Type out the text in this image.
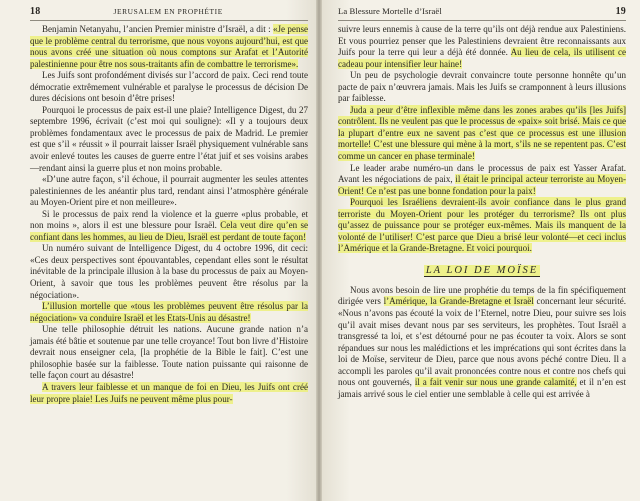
18	JERUSALEM EN PROPHÉTIE

Benjamin Netanyahu, l’ancien Premier ministre d’Israël, a dit : «Je pense que le problème central du terrorisme, que nous voyons aujourd’hui, est que nous avons créé une situation où nous comptons sur Arafat et l’Autorité palestinienne pour être nos sous-traitants afin de combattre le terrorisme».

Les Juifs sont profondément divisés sur l’accord de paix. Ceci rend toute démocratie extrêmement vulnérable et paralyse le processus de décision De dures décisions ont besoin d’être prises!

Pourquoi le processus de paix est-il une plaie? Intelligence Digest, du 27 septembre 1996, écrivait (c’est moi qui souligne): «Il y a toujours deux problèmes fondamentaux avec le processus de paix de Madrid. Le premier est que s’il « réussit » il pourrait laisser Israël physiquement vulnérable sans avoir enlevé toutes les causes de guerre entre l’état juif et ses voisins arabes—rendant ainsi la guerre plus et non moins probable.

«D’une autre façon, s’il échoue, il pourrait augmenter les seules attentes palestiniennes de les anéantir plus tard, rendant ainsi l’atmosphère générale au Moyen-Orient pire et non meilleure».

Si le processus de paix rend la violence et la guerre «plus probable, et non moins », alors il est une blessure pour Israël. Cela veut dire qu’en se confiant dans les hommes, au lieu de Dieu, Israël est perdant de toute façon!

Un numéro suivant de Intelligence Digest, du 4 octobre 1996, dit ceci: «Ces deux perspectives sont épouvantables, cependant elles sont le résultat inévitable de la principale illusion à la base du processus de paix au Moyen-Orient, à savoir que tous les problèmes peuvent être résolus par la négociation».

L’illusion mortelle que «tous les problèmes peuvent être résolus par la négociation» va conduire Israël et les Etats-Unis au désastre!

Une telle philosophie détruit les nations. Aucune grande nation n’a jamais été bâtie et soutenue par une telle croyance! Tout bon livre d’Histoire devrait nous enseigner cela, [la prophétie de la Bible le fait]. C’est une philosophie basée sur la faiblesse. Toute nation puissante qui raisonne de telle façon court au désastre!

A travers leur faiblesse et un manque de foi en Dieu, les Juifs ont créé leur propre plaie! Les Juifs ne peuvent même plus pour-

La Blessure Mortelle d’Israël	19

suivre leurs ennemis à cause de la terre qu’ils ont déjà rendue aux Palestiniens. Et vous pourriez penser que les Palestiniens devraient être reconnaissants aux Juifs pour la terre qui leur a déjà été donnée. Au lieu de cela, ils utilisent ce cadeau pour intensifier leur haine!

Un peu de psychologie devrait convaincre toute personne honnête qu’un pacte de paix n’œuvrera jamais. Mais les Juifs se cramponnent à leurs illusions par faiblesse.

Juda a peur d’être inflexible même dans les zones arabes qu’ils [les Juifs] contrôlent. Ils ne veulent pas que le processus de «paix» soit brisé. Mais ce que la plupart d’entre eux ne savent pas c’est que ce processus est une illusion mortelle! C’est une blessure qui mène à la mort, s’ils ne se repentent pas. C’est comme un cancer en phase terminale!

Le leader arabe numéro-un dans le processus de paix est Yasser Arafat. Avant les négociations de paix, il était le principal acteur terroriste au Moyen-Orient! Ce n’est pas une bonne fondation pour la paix!

Pourquoi les Israéliens devraient-ils avoir confiance dans le plus grand terroriste du Moyen-Orient pour les protéger du terrorisme? Ils ont plus qu’assez de puissance pour se protéger eux-mêmes. Mais ils manquent de la volonté de l’utiliser! C’est parce que Dieu a brisé leur volonté—et ceci inclus l’Amérique et la Grande-Bretagne. Et voici pourquoi.

LA LOI DE MOÏSE

Nous avons besoin de lire une prophétie du temps de la fin spécifiquement dirigée vers l’Amérique, la Grande-Bretagne et Israël concernant leur sécurité. «Nous n’avons pas écouté la voix de l’Eternel, notre Dieu, pour suivre ses lois qu’il avait mises devant nous par ses serviteurs, les prophètes. Tout Israël a transgressé ta loi, et s’est détourné pour ne pas écouter ta voix. Alors se sont répandues sur nous les malédictions et les imprécations qui sont écrites dans la loi de Moïse, serviteur de Dieu, parce que nous avons péché contre Dieu. Il a accompli les paroles qu’il avait prononcées contre nous et contre nos chefs qui nous ont gouvernés, il a fait venir sur nous une grande calamité, et il n’en est jamais arrivé sous le ciel entier une semblable à celle qui est arrivée à
